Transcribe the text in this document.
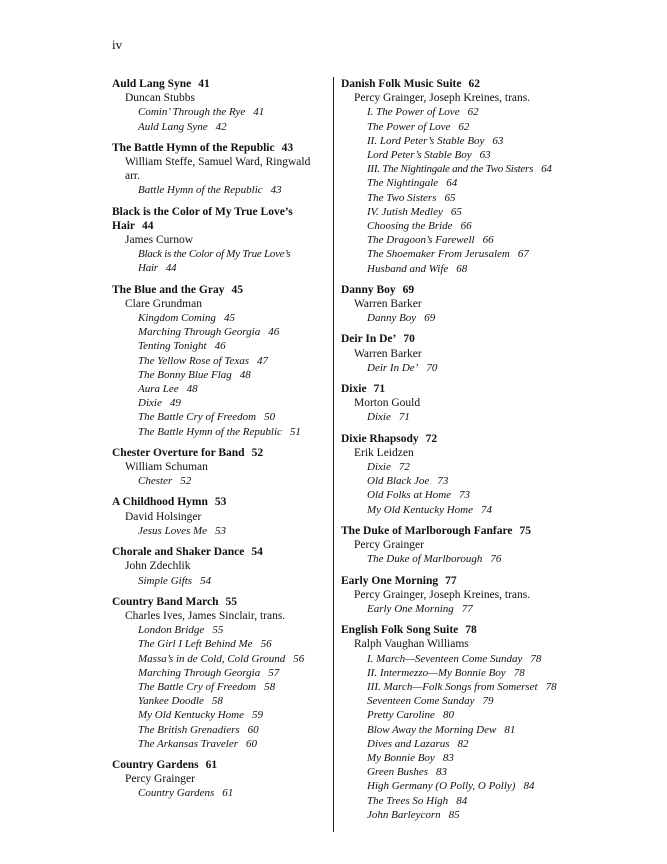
iv
Auld Lang Syne 41
Duncan Stubbs
Comin’ Through the Rye 41
Auld Lang Syne 42
The Battle Hymn of the Republic 43
William Steffe, Samuel Ward, Ringwald arr.
Battle Hymn of the Republic 43
Black is the Color of My True Love’s Hair 44
James Curnow
Black is the Color of My True Love’s Hair 44
The Blue and the Gray 45
Clare Grundman
Kingdom Coming 45
Marching Through Georgia 46
Tenting Tonight 46
The Yellow Rose of Texas 47
The Bonny Blue Flag 48
Aura Lee 48
Dixie 49
The Battle Cry of Freedom 50
The Battle Hymn of the Republic 51
Chester Overture for Band 52
William Schuman
Chester 52
A Childhood Hymn 53
David Holsinger
Jesus Loves Me 53
Chorale and Shaker Dance 54
John Zdechlik
Simple Gifts 54
Country Band March 55
Charles Ives, James Sinclair, trans.
London Bridge 55
The Girl I Left Behind Me 56
Massa’s in de Cold, Cold Ground 56
Marching Through Georgia 57
The Battle Cry of Freedom 58
Yankee Doodle 58
My Old Kentucky Home 59
The British Grenadiers 60
The Arkansas Traveler 60
Country Gardens 61
Percy Grainger
Country Gardens 61
Danish Folk Music Suite 62
Percy Grainger, Joseph Kreines, trans.
I. The Power of Love 62
The Power of Love 62
II. Lord Peter’s Stable Boy 63
Lord Peter’s Stable Boy 63
III. The Nightingale and the Two Sisters 64
The Nightingale 64
The Two Sisters 65
IV. Jutish Medley 65
Choosing the Bride 66
The Dragoon’s Farewell 66
The Shoemaker From Jerusalem 67
Husband and Wife 68
Danny Boy 69
Warren Barker
Danny Boy 69
Deir In De’ 70
Warren Barker
Deir In De’ 70
Dixie 71
Morton Gould
Dixie 71
Dixie Rhapsody 72
Erik Leidzen
Dixie 72
Old Black Joe 73
Old Folks at Home 73
My Old Kentucky Home 74
The Duke of Marlborough Fanfare 75
Percy Grainger
The Duke of Marlborough 76
Early One Morning 77
Percy Grainger, Joseph Kreines, trans.
Early One Morning 77
English Folk Song Suite 78
Ralph Vaughan Williams
I. March—Seventeen Come Sunday 78
II. Intermezzo—My Bonnie Boy 78
III. March—Folk Songs from Somerset 78
Seventeen Come Sunday 79
Pretty Caroline 80
Blow Away the Morning Dew 81
Dives and Lazarus 82
My Bonnie Boy 83
Green Bushes 83
High Germany (O Polly, O Polly) 84
The Trees So High 84
John Barleycorn 85
